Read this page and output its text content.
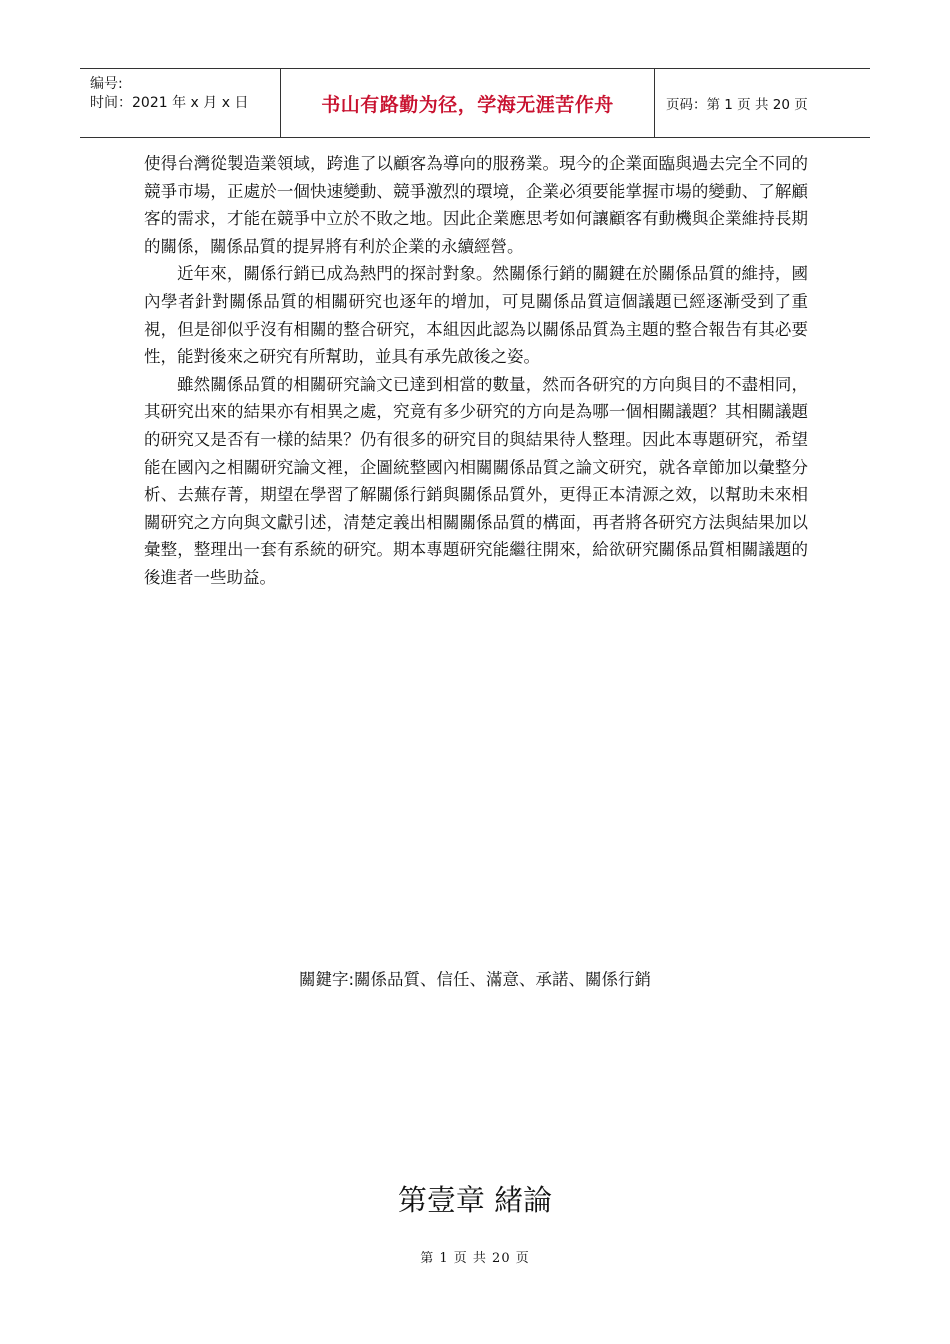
编号:
时间：2021 年 x 月 x 日	书山有路勤为径，学海无涯苦作舟	页码：第 1 页 共 20 页

使得台灣從製造業領域，跨進了以顧客為導向的服務業。現今的企業面臨與過去完全不同的競爭市場，正處於一個快速變動、競爭激烈的環境，企業必須要能掌握市場的變動、了解顧客的需求，才能在競爭中立於不敗之地。因此企業應思考如何讓顧客有動機與企業維持長期的關係，關係品質的提昇將有利於企業的永續經營。

近年來，關係行銷已成為熱門的探討對象。然關係行銷的關鍵在於關係品質的維持，國內學者針對關係品質的相關研究也逐年的增加，可見關係品質這個議題已經逐漸受到了重視，但是卻似乎沒有相關的整合研究，本組因此認為以關係品質為主題的整合報告有其必要性，能對後來之研究有所幫助，並具有承先啟後之姿。

雖然關係品質的相關研究論文已達到相當的數量，然而各研究的方向與目的不盡相同，其研究出來的結果亦有相異之處，究竟有多少研究的方向是為哪一個相關議題？其相關議題的研究又是否有一樣的結果？仍有很多的研究目的與結果待人整理。因此本專題研究，希望能在國內之相關研究論文裡，企圖統整國內相關關係品質之論文研究，就各章節加以彙整分析、去蕪存菁，期望在學習了解關係行銷與關係品質外，更得正本清源之效，以幫助未來相關研究之方向與文獻引述，清楚定義出相關關係品質的構面，再者將各研究方法與結果加以彙整，整理出一套有系統的研究。期本專題研究能繼往開來，給欲研究關係品質相關議題的後進者一些助益。

關鍵字:關係品質、信任、滿意、承諾、關係行銷
第壹章 緒論
第 1 页 共 20 页
